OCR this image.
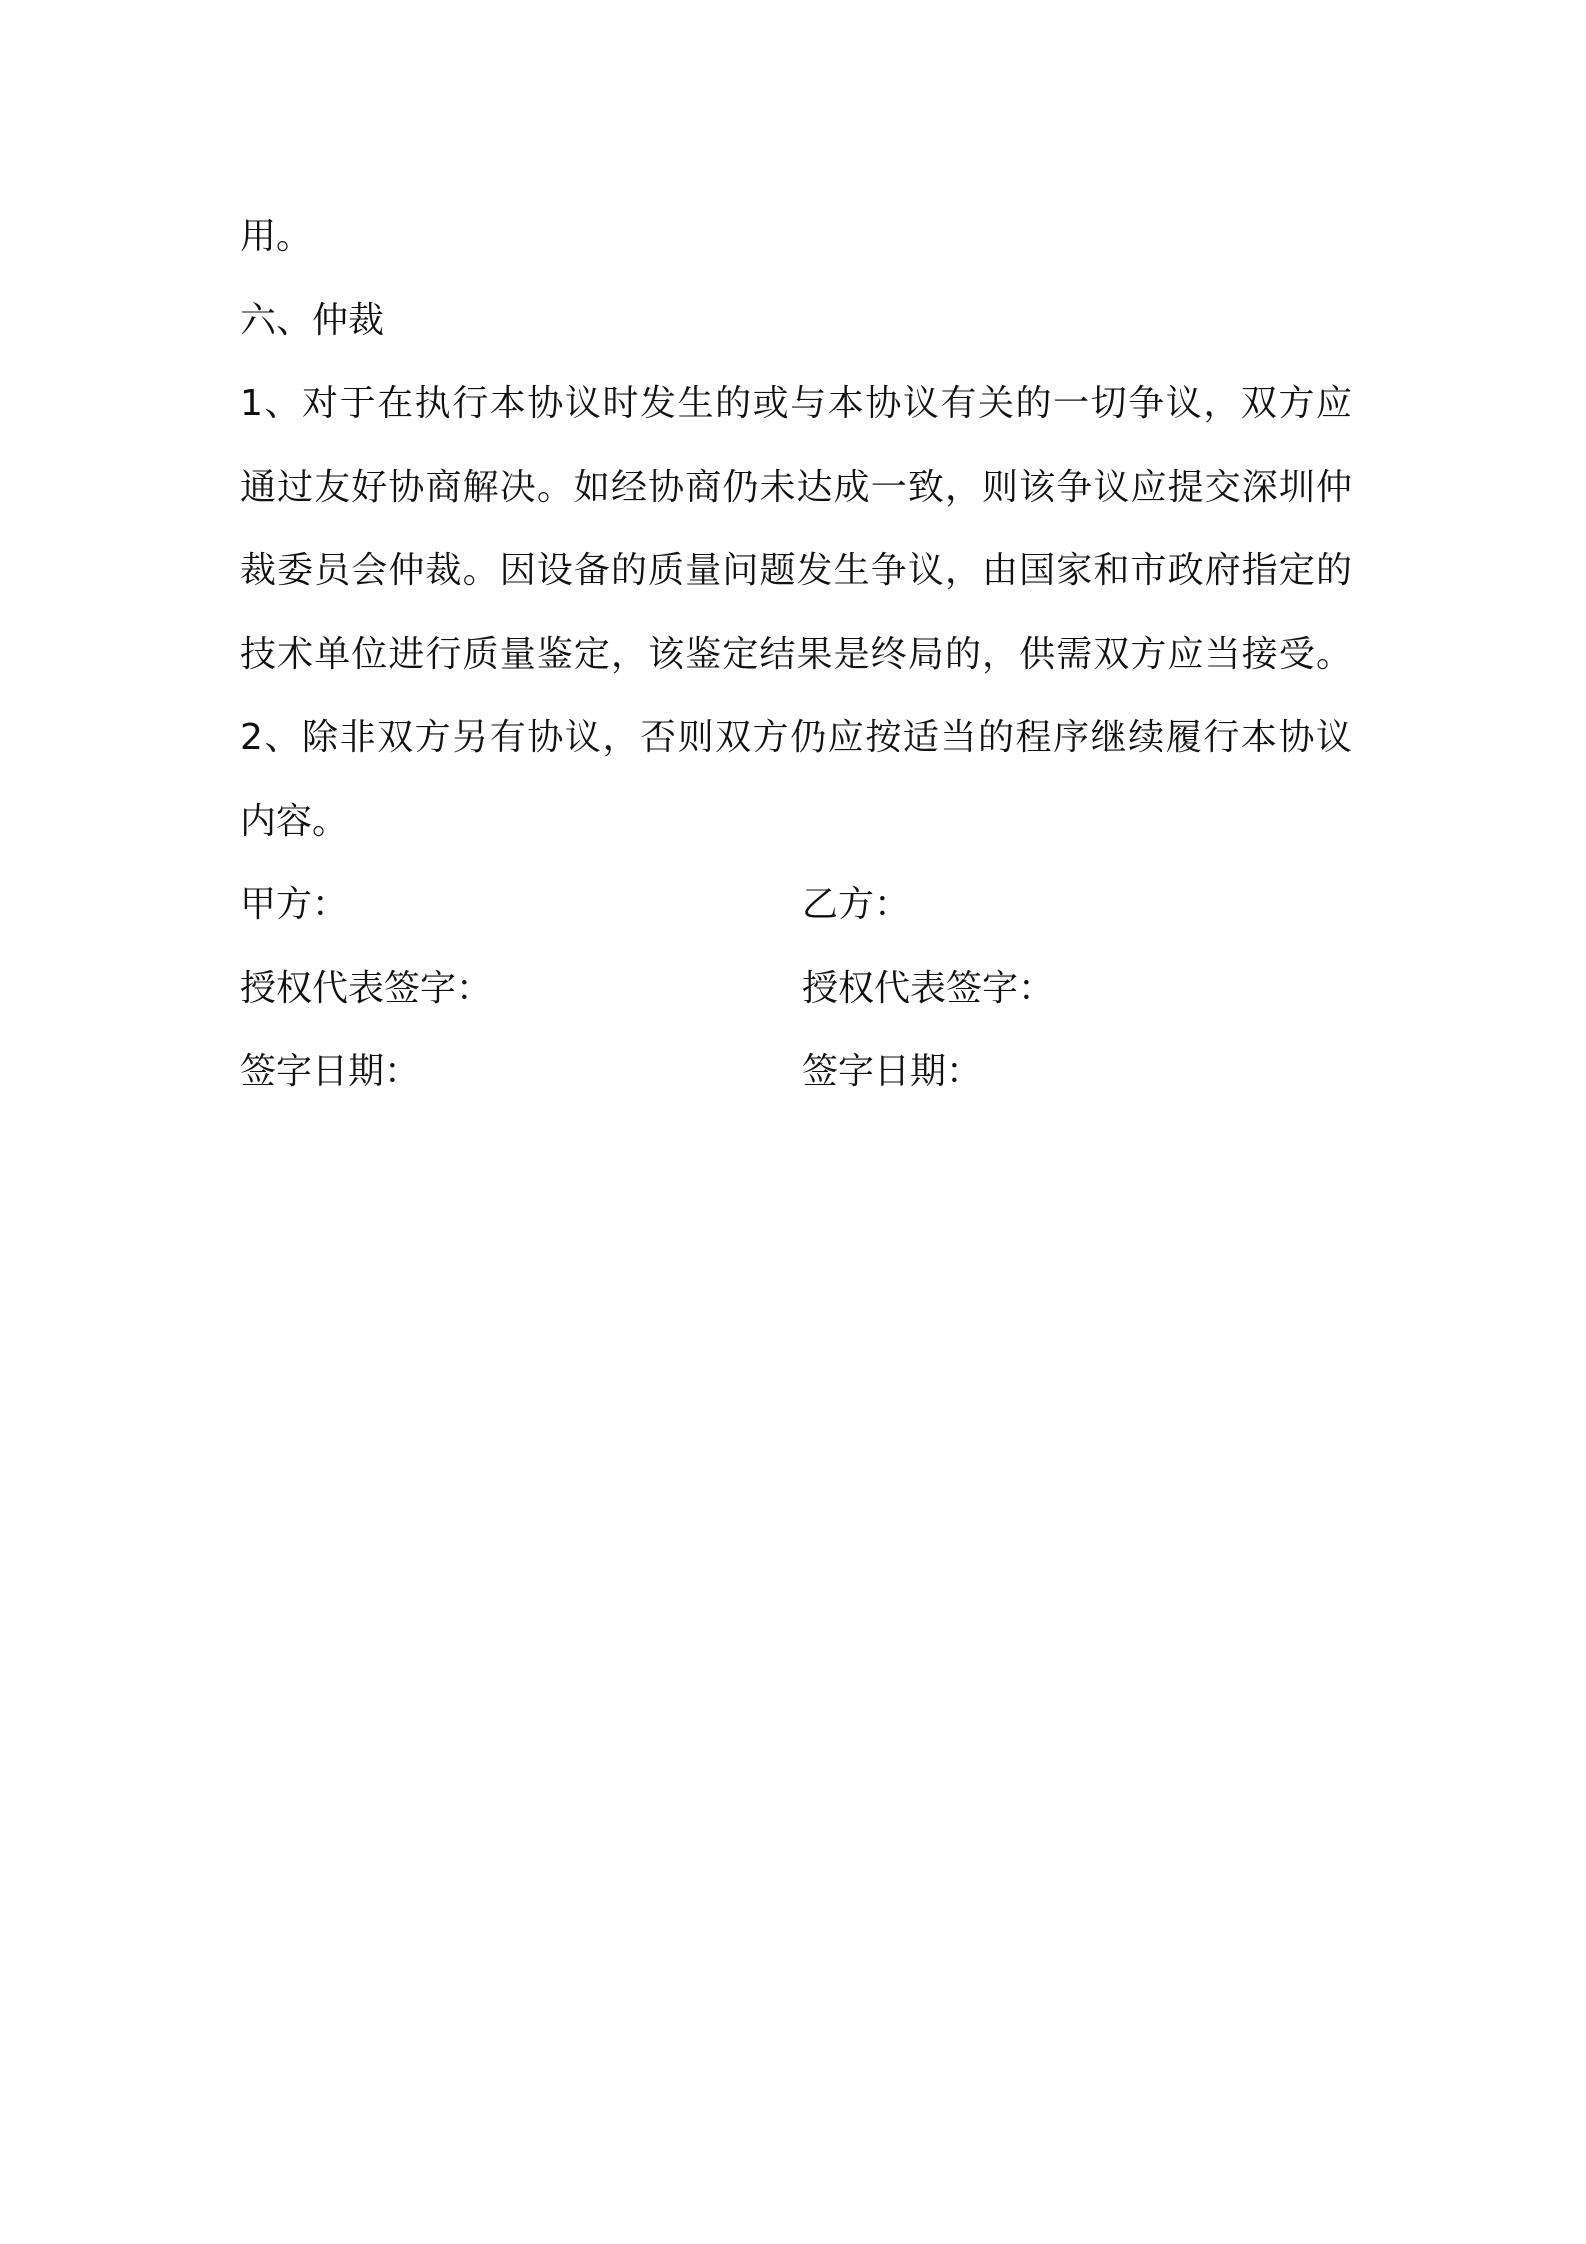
用。
六、仲裁
1、对于在执行本协议时发生的或与本协议有关的一切争议，双方应
通过友好协商解决。如经协商仍未达成一致，则该争议应提交深圳仲
裁委员会仲裁。因设备的质量问题发生争议，由国家和市政府指定的
技术单位进行质量鉴定，该鉴定结果是终局的，供需双方应当接受。
2、除非双方另有协议，否则双方仍应按适当的程序继续履行本协议
内容。
甲方：	乙方：
授权代表签字：	授权代表签字：
签字日期：	签字日期：
